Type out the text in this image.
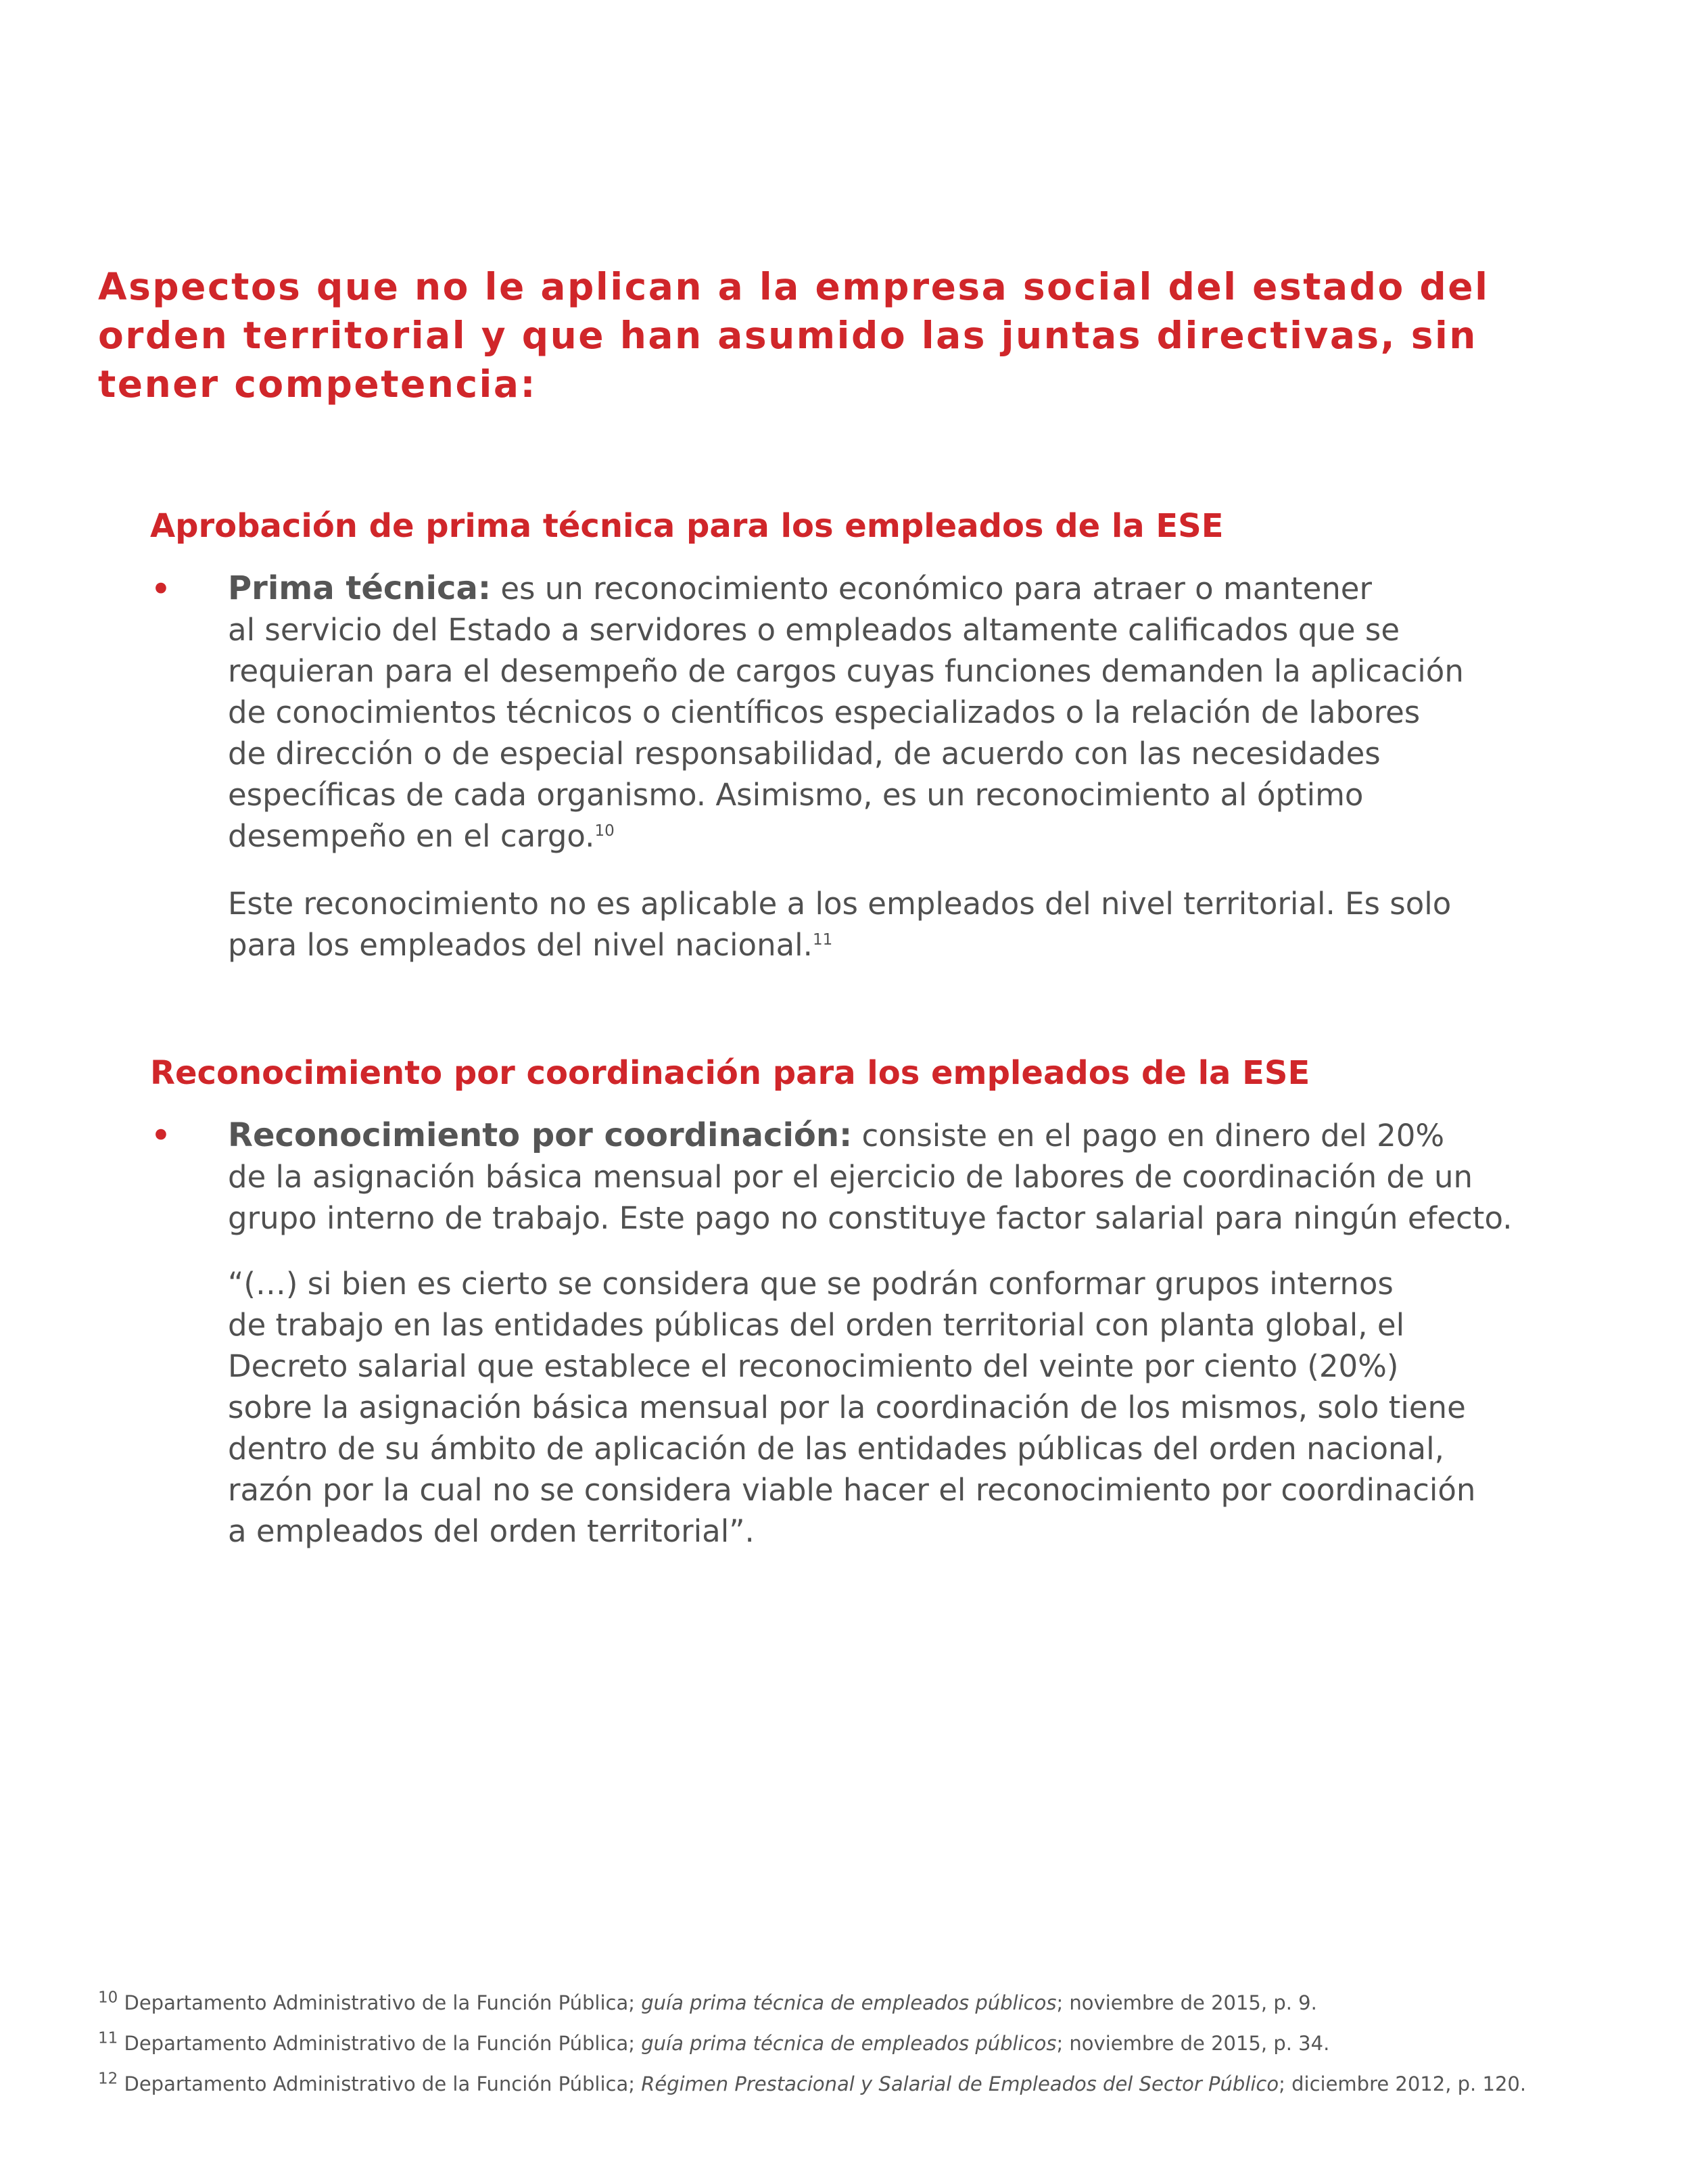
Aspectos que no le aplican a la empresa social del estado del
orden territorial y que han asumido las juntas directivas, sin
tener competencia:
Aprobación de prima técnica para los empleados de la ESE
• Prima técnica: es un reconocimiento económico para atraer o mantener
al servicio del Estado a servidores o empleados altamente calificados que se
requieran para el desempeño de cargos cuyas funciones demanden la aplicación
de conocimientos técnicos o científicos especializados o la relación de labores
de dirección o de especial responsabilidad, de acuerdo con las necesidades
específicas de cada organismo. Asimismo, es un reconocimiento al óptimo
desempeño en el cargo.$^{10}$

Este reconocimiento no es aplicable a los empleados del nivel territorial. Es solo
para los empleados del nivel nacional.$^{11}$

Reconocimiento por coordinación para los empleados de la ESE
• Reconocimiento por coordinación: consiste en el pago en dinero del 20%
de la asignación básica mensual por el ejercicio de labores de coordinación de un
grupo interno de trabajo. Este pago no constituye factor salarial para ningún efecto.

“(…) si bien es cierto se considera que se podrán conformar grupos internos
de trabajo en las entidades públicas del orden territorial con planta global, el
Decreto salarial que establece el reconocimiento del veinte por ciento (20%)
sobre la asignación básica mensual por la coordinación de los mismos, solo tiene
dentro de su ámbito de aplicación de las entidades públicas del orden nacional,
razón por la cual no se considera viable hacer el reconocimiento por coordinación
a empleados del orden territorial”.

$^{10}$ Departamento Administrativo de la Función Pública; guía prima técnica de empleados públicos; noviembre de 2015, p. 9.

$^{11}$ Departamento Administrativo de la Función Pública; guía prima técnica de empleados públicos; noviembre de 2015, p. 34.

$^{12}$ Departamento Administrativo de la Función Pública; Régimen Prestacional y Salarial de Empleados del Sector Público; diciembre 2012, p. 120.
